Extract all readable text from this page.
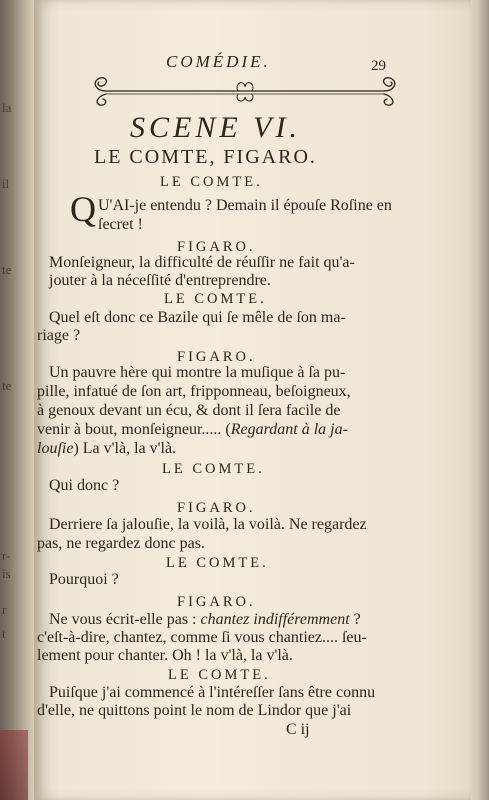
la
il
te
te
r-
is
r
t
COMÉDIE.	29
SCENE VI.
LE COMTE, FIGARO.
LE COMTE.
Q U'AI-je entendu ? Demain il épouſe Roſine en
ſecret !
FIGARO.
Monſeigneur, la difficulté de réuſſir ne fait qu'a-
jouter à la néceſſité d'entreprendre.
LE COMTE.
Quel eſt donc ce Bazile qui ſe mêle de ſon ma-
riage ?
FIGARO.
Un pauvre hère qui montre la muſique à ſa pu-
pille, infatué de ſon art, fripponneau, beſoigneux,
à genoux devant un écu, & dont il ſera facile de
venir à bout, monſeigneur..... (Regardant à la ja-
louſie) La v'là, la v'là.
LE COMTE.
Qui donc ?
FIGARO.
Derriere ſa jalouſie, la voilà, la voilà. Ne regardez
pas, ne regardez donc pas.
LE COMTE.
Pourquoi ?
FIGARO.
Ne vous écrit-elle pas : chantez indifféremment ?
c'eſt-à-dire, chantez, comme ſi vous chantiez.... ſeu-
lement pour chanter. Oh ! la v'là, la v'là.
LE COMTE.
Puiſque j'ai commencé à l'intéreſſer ſans être connu
d'elle, ne quittons point le nom de Lindor que j'ai
C ij
